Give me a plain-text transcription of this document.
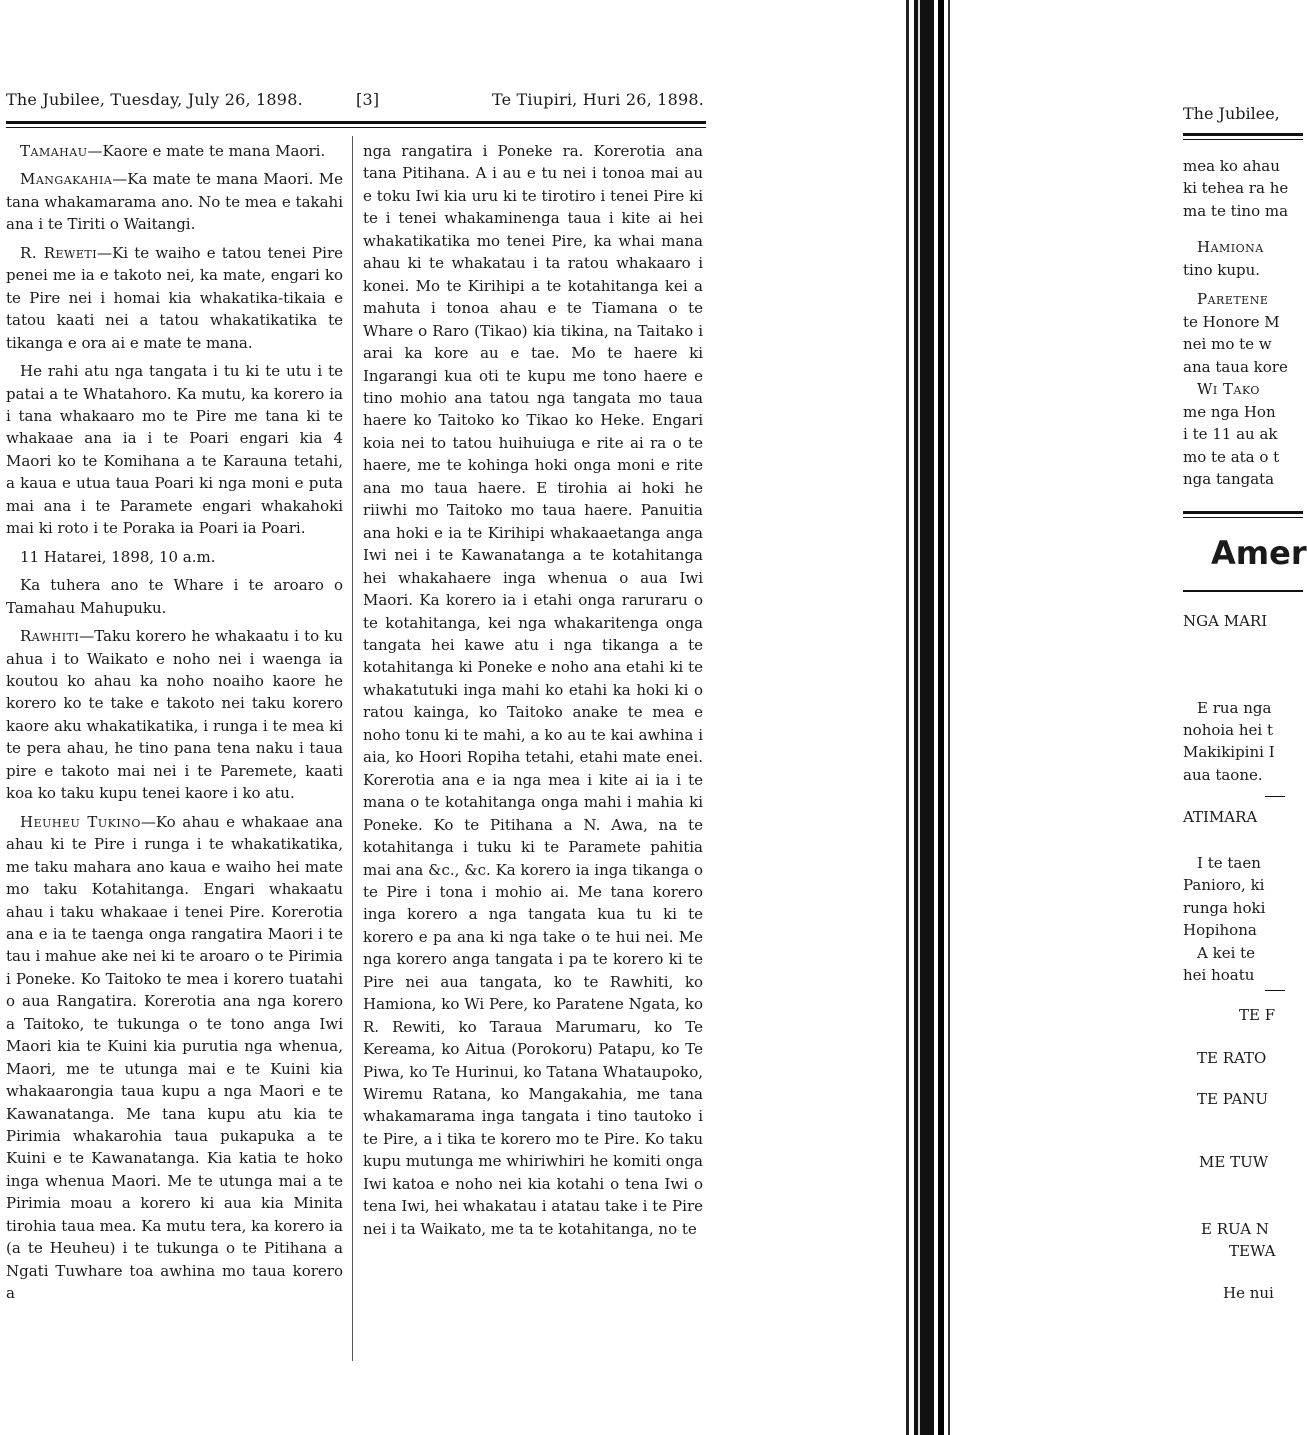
The Jubilee, Tuesday, July 26, 1898.	[3]	Te Tiupiri, Huri 26, 1898.

Tamahau—Kaore e mate te mana Maori.

Mangakahia—Ka mate te mana Maori. Me tana whakamarama ano. No te mea e takahi ana i te Tiriti o Waitangi.

R. Reweti—Ki te waiho e tatou tenei Pire penei me ia e takoto nei, ka mate, engari ko te Pire nei i homai kia whakatika-tikaia e tatou kaati nei a tatou whakatikatika te tikanga e ora ai e mate te mana.

He rahi atu nga tangata i tu ki te utu i te patai a te Whatahoro. Ka mutu, ka korero ia i tana whakaaro mo te Pire me tana ki te whakaae ana ia i te Poari engari kia 4 Maori ko te Komihana a te Karauna tetahi, a kaua e utua taua Poari ki nga moni e puta mai ana i te Paramete engari whakahoki mai ki roto i te Poraka ia Poari ia Poari.

11 Hatarei, 1898, 10 a.m.

Ka tuhera ano te Whare i te aroaro o Tamahau Mahupuku.

Rawhiti—Taku korero he whakaatu i to ku ahua i to Waikato e noho nei i waenga ia koutou ko ahau ka noho noaiho kaore he korero ko te take e takoto nei taku korero kaore aku whakatikatika, i runga i te mea ki te pera ahau, he tino pana tena naku i taua pire e takoto mai nei i te Paremete, kaati koa ko taku kupu tenei kaore i ko atu.

Heuheu Tukino—Ko ahau e whakaae ana ahau ki te Pire i runga i te whakatikatika, me taku mahara ano kaua e waiho hei mate mo taku Kotahitanga. Engari whakaatu ahau i taku whakaae i tenei Pire. Korerotia ana e ia te taenga onga rangatira Maori i te tau i mahue ake nei ki te aroaro o te Pirimia i Poneke. Ko Taitoko te mea i korero tuatahi o aua Rangatira. Korerotia ana nga korero a Taitoko, te tukunga o te tono anga Iwi Maori kia te Kuini kia purutia nga whenua, Maori, me te utunga mai e te Kuini kia whakaarongia taua kupu a nga Maori e te Kawanatanga. Me tana kupu atu kia te Pirimia whakarohia taua pukapuka a te Kuini e te Kawanatanga. Kia katia te hoko inga whenua Maori. Me te utunga mai a te Pirimia moau a korero ki aua kia Minita tirohia taua mea. Ka mutu tera, ka korero ia (a te Heuheu) i te tukunga o te Pitihana a Ngati Tuwhare toa awhina mo taua korero a

nga rangatira i Poneke ra. Korerotia ana tana Pitihana. A i au e tu nei i tonoa mai au e toku Iwi kia uru ki te tirotiro i tenei Pire ki te i tenei whakaminenga taua i kite ai hei whakatikatika mo tenei Pire, ka whai mana ahau ki te whakatau i ta ratou whakaaro i konei. Mo te Kirihipi a te kotahitanga kei a mahuta i tonoa ahau e te Tiamana o te Whare o Raro (Tikao) kia tikina, na Taitako i arai ka kore au e tae. Mo te haere ki Ingarangi kua oti te kupu me tono haere e tino mohio ana tatou nga tangata mo taua haere ko Taitoko ko Tikao ko Heke. Engari koia nei to tatou huihuiuga e rite ai ra o te haere, me te kohinga hoki onga moni e rite ana mo taua haere. E tirohia ai hoki he riiwhi mo Taitoko mo taua haere. Panuitia ana hoki e ia te Kirihipi whakaaetanga anga Iwi nei i te Kawanatanga a te kotahitanga hei whakahaere inga whenua o aua Iwi Maori. Ka korero ia i etahi onga raruraru o te kotahitanga, kei nga whakaritenga onga tangata hei kawe atu i nga tikanga a te kotahitanga ki Poneke e noho ana etahi ki te whakatutuki inga mahi ko etahi ka hoki ki o ratou kainga, ko Taitoko anake te mea e noho tonu ki te mahi, a ko au te kai awhina i aia, ko Hoori Ropiha tetahi, etahi mate enei. Korerotia ana e ia nga mea i kite ai ia i te mana o te kotahitanga onga mahi i mahia ki Poneke. Ko te Pitihana a N. Awa, na te kotahitanga i tuku ki te Paramete pahitia mai ana &c., &c. Ka korero ia inga tikanga o te Pire i tona i mohio ai. Me tana korero inga korero a nga tangata kua tu ki te korero e pa ana ki nga take o te hui nei. Me nga korero anga tangata i pa te korero ki te Pire nei aua tangata, ko te Rawhiti, ko Hamiona, ko Wi Pere, ko Paratene Ngata, ko R. Rewiti, ko Taraua Marumaru, ko Te Kereama, ko Aitua (Porokoru) Patapu, ko Te Piwa, ko Te Hurinui, ko Tatana Whataupoko, Wiremu Ratana, ko Mangakahia, me tana whakamarama inga tangata i tino tautoko i te Pire, a i tika te korero mo te Pire. Ko taku kupu mutunga me whiriwhiri he komiti onga Iwi katoa e noho nei kia kotahi o tena Iwi o tena Iwi, hei whakatau i atatau take i te Pire nei i ta Waikato, me ta te kotahitanga, no te

The Jubilee,
mea ko ahau
ki tehea ra he
ma te tino ma
Hamiona
tino kupu.
Paretene
te Honore M
nei mo te w
ana taua kore
Wi Tako
me nga Hon
i te 11 au ak
mo te ata o t
nga tangata
Amer
NGA MARI
E rua nga
nohoia hei t
Makikipini I
aua taone.
ATIMARA
I te taen
Panioro, ki
runga hoki
Hopihona
A kei te
hei hoatu
TE F
TE RATO
TE PANU
ME TUW
E RUA N
TEWA
He nui
